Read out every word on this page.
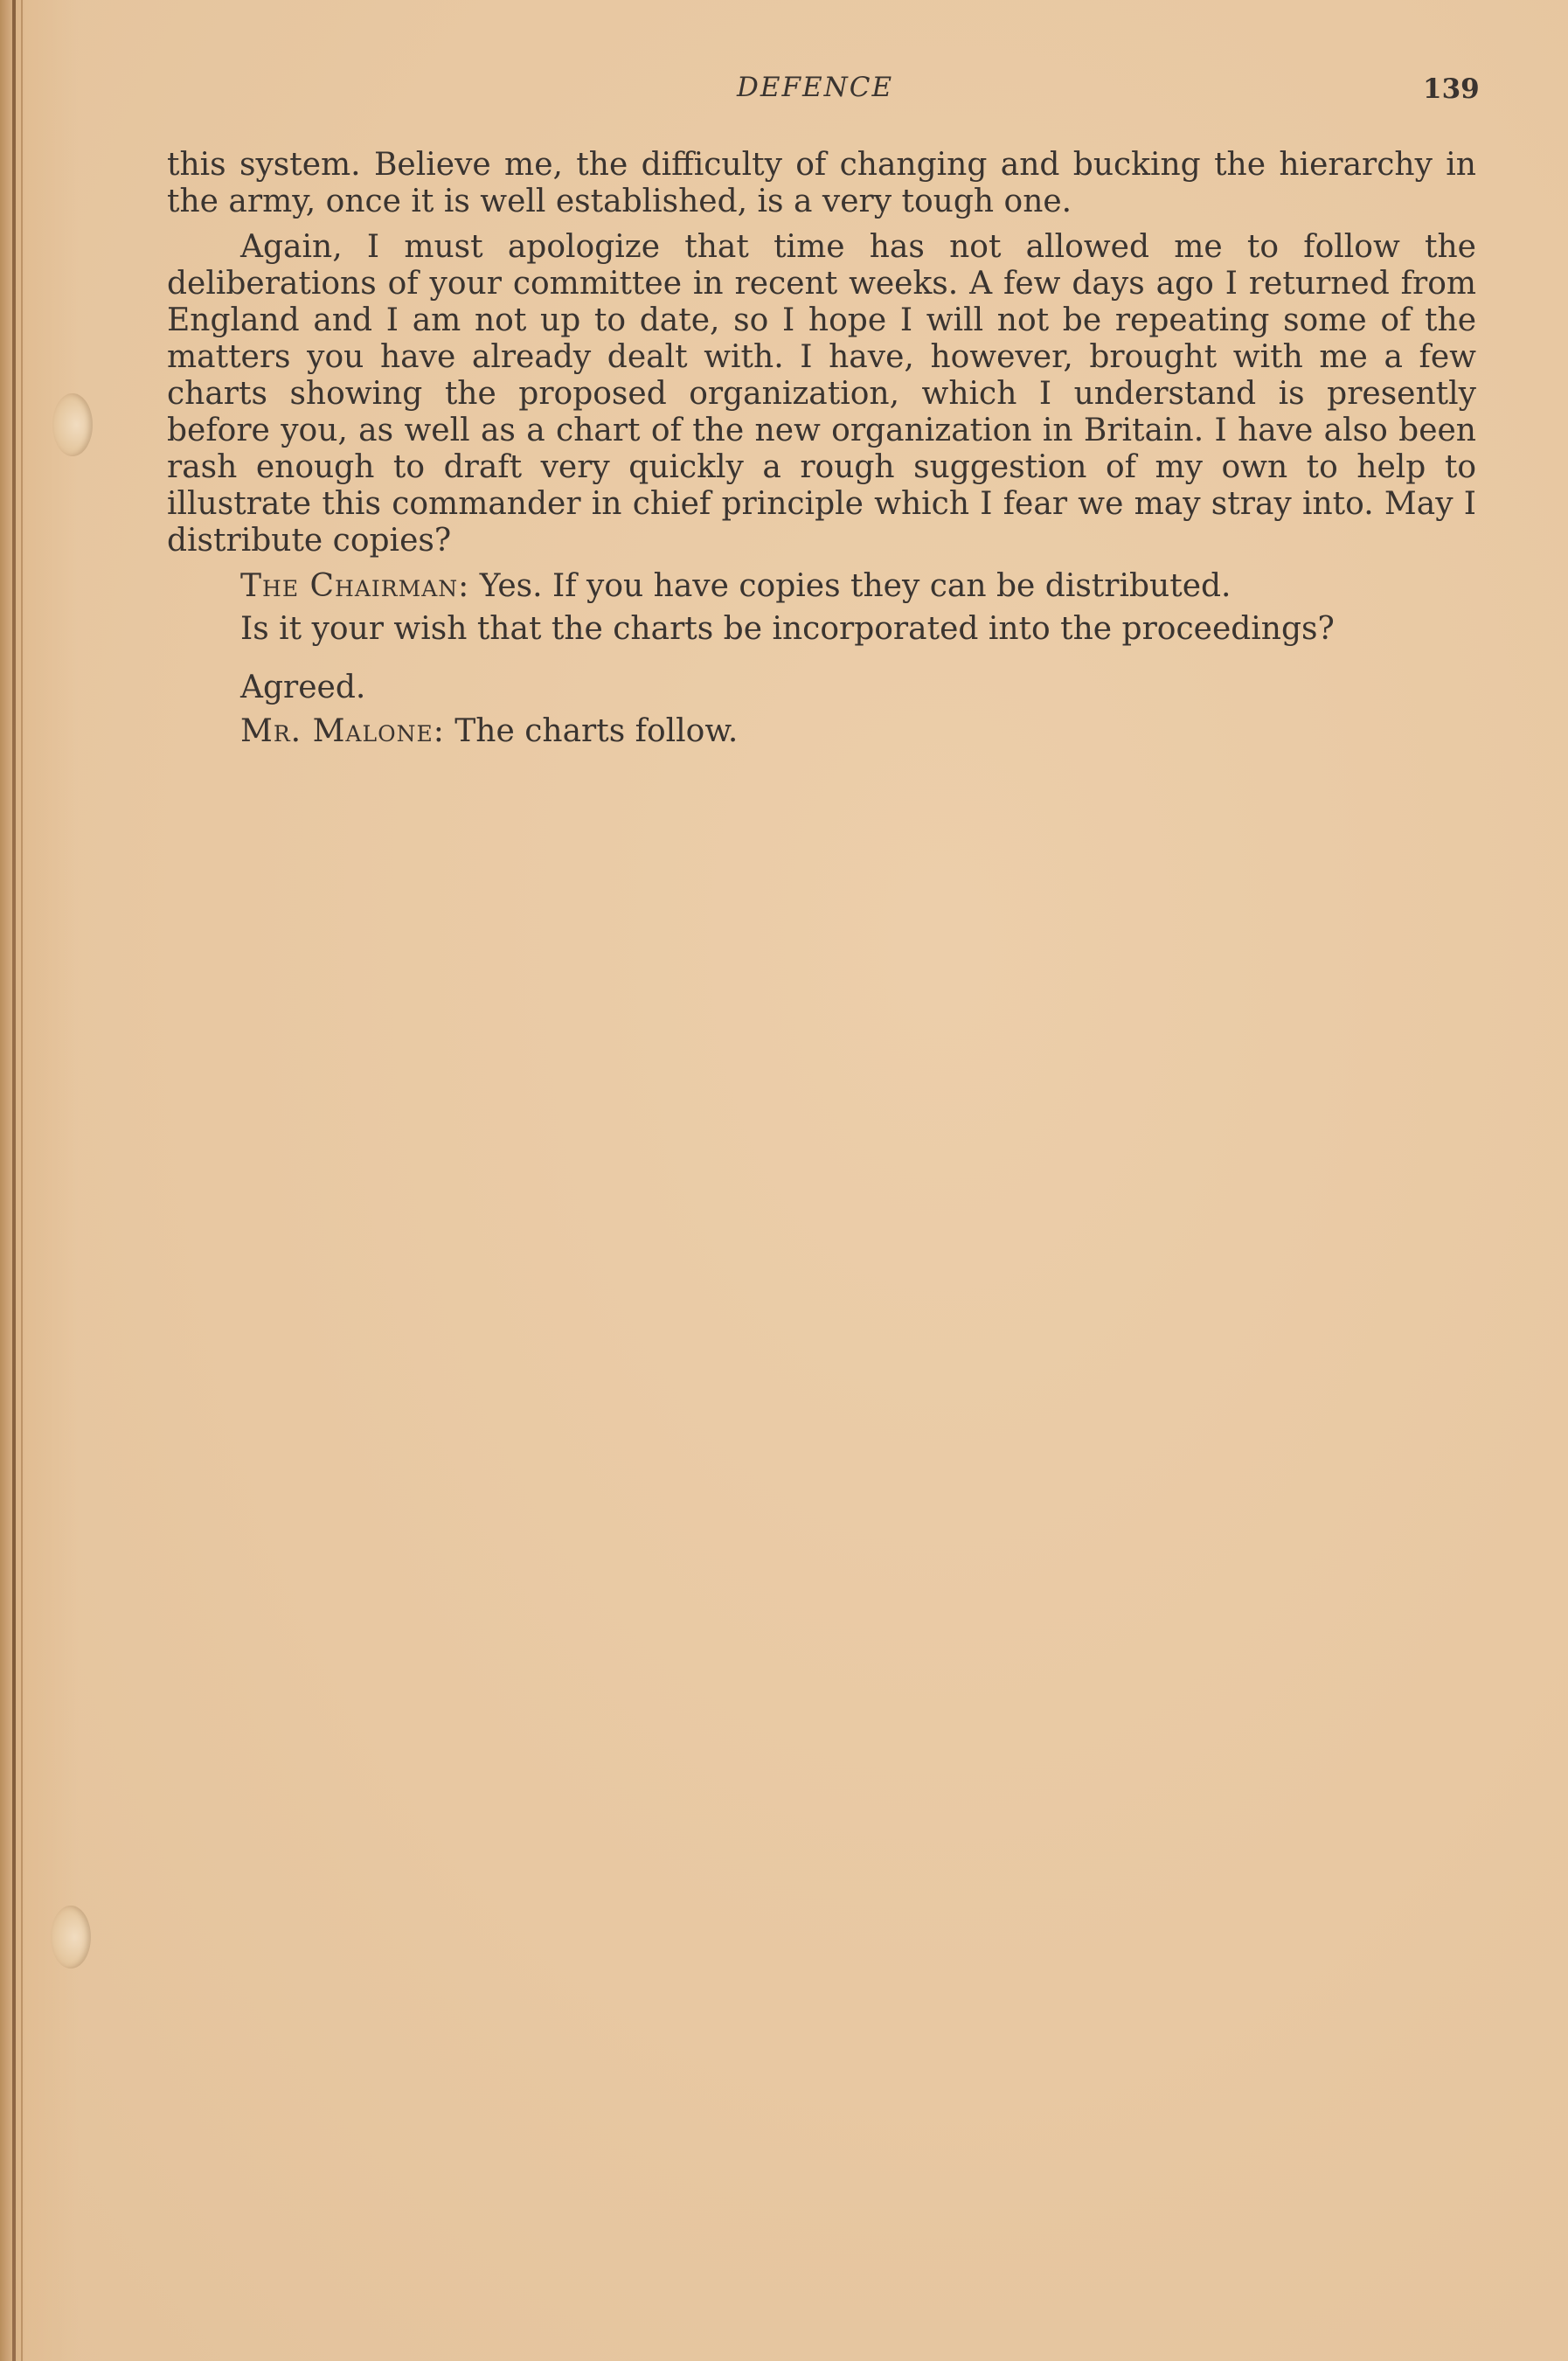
DEFENCE	139

this system. Believe me, the difficulty of changing and bucking the hierarchy in the army, once it is well established, is a very tough one.

Again, I must apologize that time has not allowed me to follow the deliberations of your committee in recent weeks. A few days ago I returned from England and I am not up to date, so I hope I will not be repeating some of the matters you have already dealt with. I have, however, brought with me a few charts showing the proposed organization, which I understand is presently before you, as well as a chart of the new organization in Britain. I have also been rash enough to draft very quickly a rough suggestion of my own to help to illustrate this commander in chief principle which I fear we may stray into. May I distribute copies?

The Chairman: Yes. If you have copies they can be distributed.

Is it your wish that the charts be incorporated into the proceedings?

Agreed.

Mr. Malone: The charts follow.
